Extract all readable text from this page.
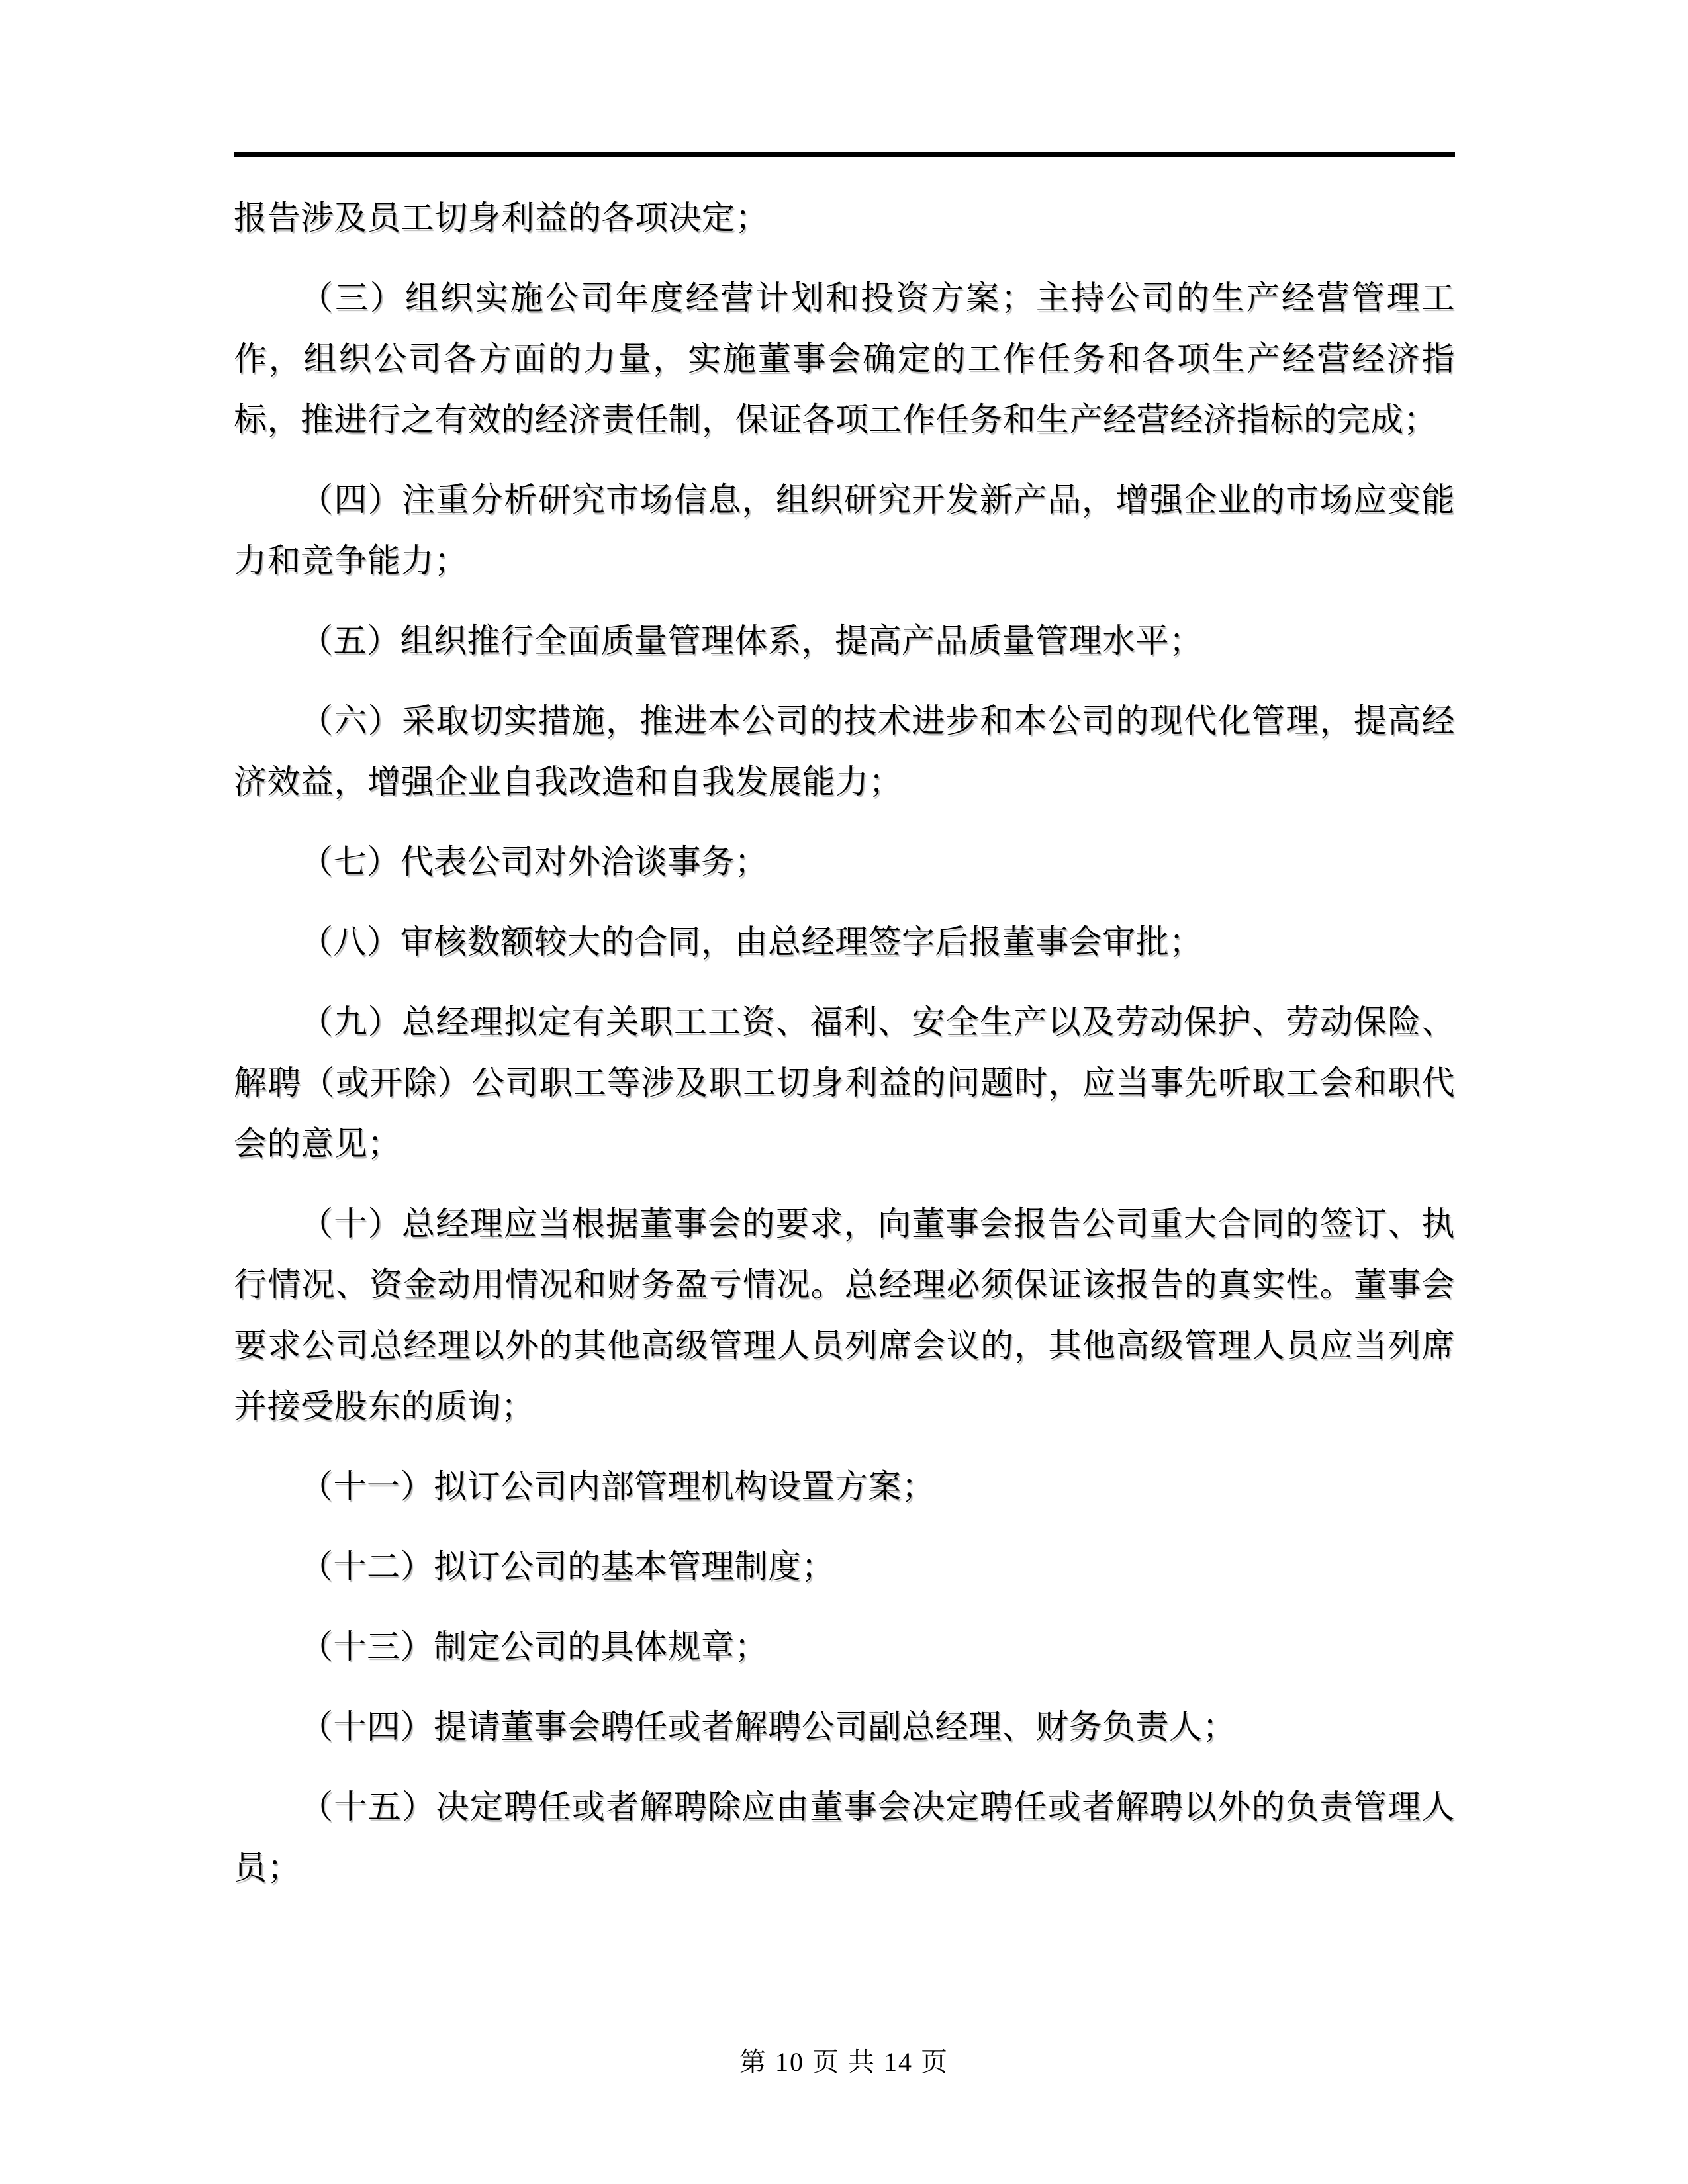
报告涉及员工切身利益的各项决定；

（三）组织实施公司年度经营计划和投资方案；主持公司的生产经营管理工作，组织公司各方面的力量，实施董事会确定的工作任务和各项生产经营经济指标，推进行之有效的经济责任制，保证各项工作任务和生产经营经济指标的完成；

（四）注重分析研究市场信息，组织研究开发新产品，增强企业的市场应变能力和竞争能力；

（五）组织推行全面质量管理体系，提高产品质量管理水平；

（六）采取切实措施，推进本公司的技术进步和本公司的现代化管理，提高经济效益，增强企业自我改造和自我发展能力；

（七）代表公司对外洽谈事务；

（八）审核数额较大的合同，由总经理签字后报董事会审批；

（九）总经理拟定有关职工工资、福利、安全生产以及劳动保护、劳动保险、解聘（或开除）公司职工等涉及职工切身利益的问题时，应当事先听取工会和职代会的意见；

（十）总经理应当根据董事会的要求，向董事会报告公司重大合同的签订、执行情况、资金动用情况和财务盈亏情况。总经理必须保证该报告的真实性。董事会要求公司总经理以外的其他高级管理人员列席会议的，其他高级管理人员应当列席并接受股东的质询；

（十一）拟订公司内部管理机构设置方案；

（十二）拟订公司的基本管理制度；

（十三）制定公司的具体规章；

（十四）提请董事会聘任或者解聘公司副总经理、财务负责人；

（十五）决定聘任或者解聘除应由董事会决定聘任或者解聘以外的负责管理人员；

第 10 页 共 14 页
